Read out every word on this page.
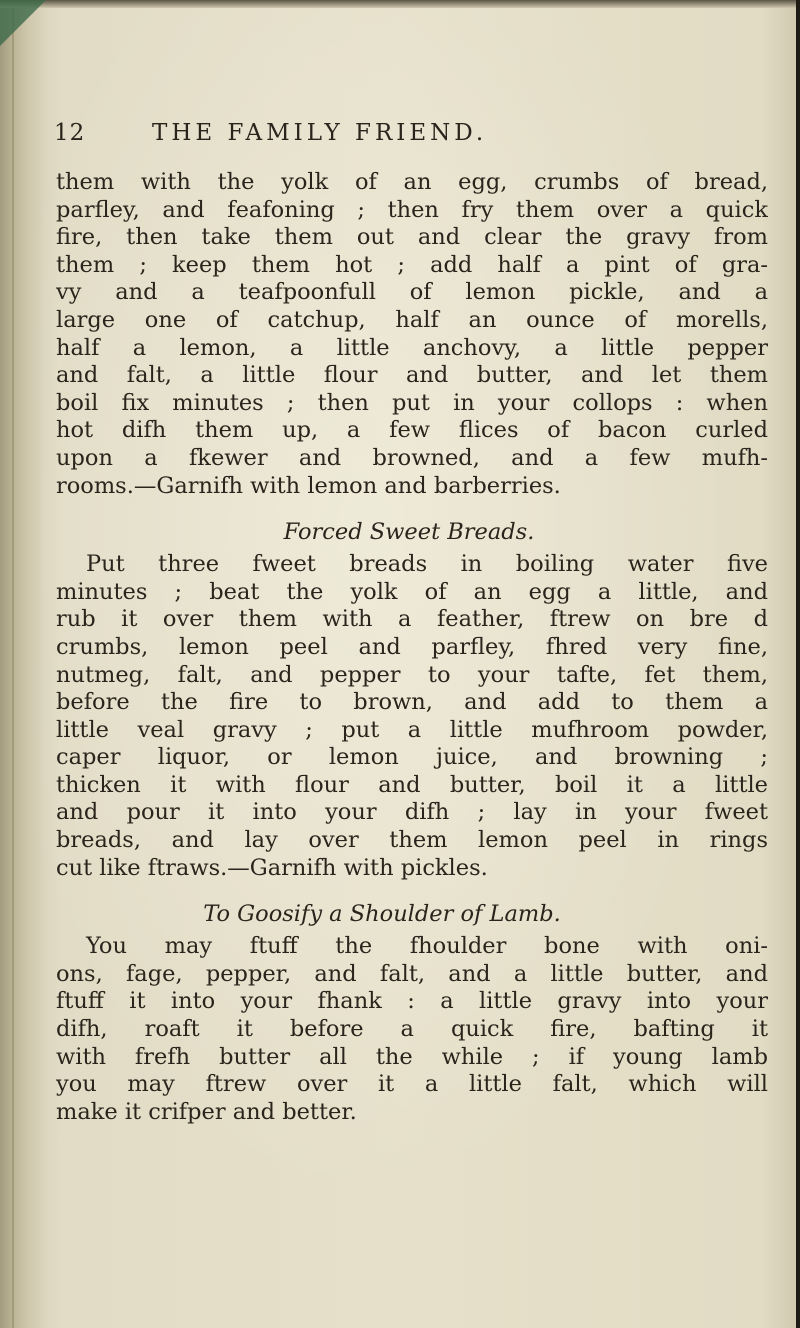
12	THE FAMILY FRIEND.
them with the yolk of an egg, crumbs of bread,
parfley, and feafoning ; then fry them over a quick
fire, then take them out and clear the gravy from
them ; keep them hot ; add half a pint of gra-
vy and a teafpoonfull of lemon pickle, and a
large one of catchup, half an ounce of morells,
half a lemon, a little anchovy, a little pepper
and falt, a little flour and butter, and let them
boil fix minutes ; then put in your collops : when
hot difh them up, a few flices of bacon curled
upon a fkewer and browned, and a few mufh-
rooms.—Garnifh with lemon and barberries.
Forced Sweet Breads.
Put three fweet breads in boiling water five
minutes ; beat the yolk of an egg a little, and
rub it over them with a feather, ftrew on bre d
crumbs, lemon peel and parfley, fhred very fine,
nutmeg, falt, and pepper to your tafte, fet them,
before the fire to brown, and add to them a
little veal gravy ; put a little mufhroom powder,
caper liquor, or lemon juice, and browning ;
thicken it with flour and butter, boil it a little
and pour it into your difh ; lay in your fweet
breads, and lay over them lemon peel in rings
cut like ftraws.—Garnifh with pickles.
To Goosify a Shoulder of Lamb.
You may ftuff the fhoulder bone with oni-
ons, fage, pepper, and falt, and a little butter, and
ftuff it into your fhank : a little gravy into your
difh, roaft it before a quick fire, bafting it
with frefh butter all the while ; if young lamb
you may ftrew over it a little falt, which will
make it crifper and better.
